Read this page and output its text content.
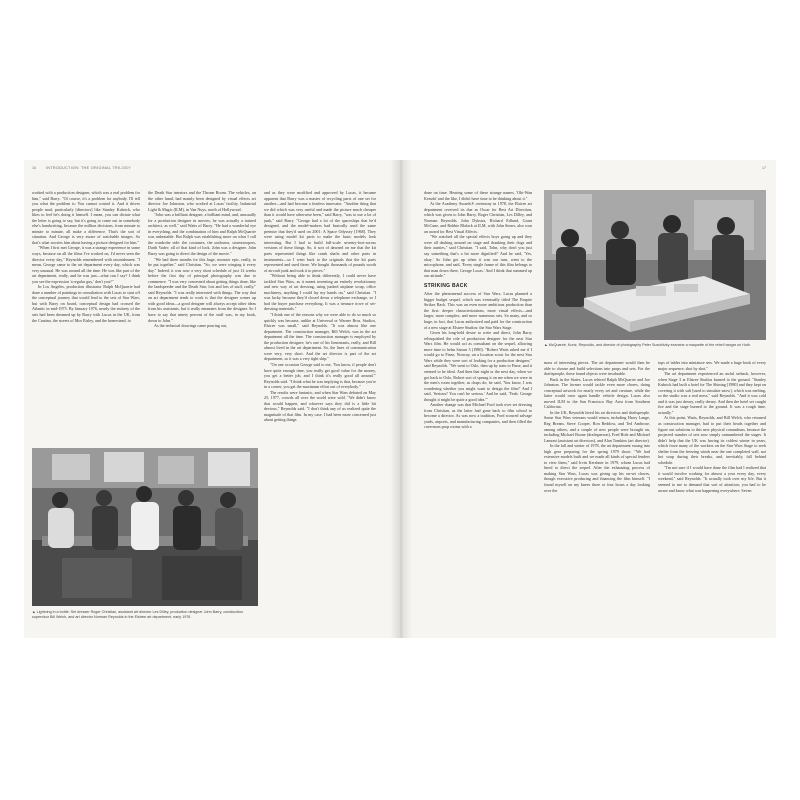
16	INTRODUCTION: THE ORIGINAL TRILOGY

worked with a production designer, which was a real problem for him," said Barry. "Of course, it's a problem for anybody. I'll tell you what the problem is: You cannot control it. And it drives people mad, particularly [directors] like Stanley Kubrick, who likes to feel he's doing it himself. I mean, you can dictate what the letter is going to say, but it's going to come out in somebody else's handwriting, because the million decisions, from minute to minute to minute, all make a difference. That's the sort of situation. And George is very aware of watchable images. So that's what worries him about having a picture designed for him."

"When I first met George, it was a strange experience in some ways, because on all the films I've worked on, I'd never seen the director every day," Reynolds remembered with astonishment. "I mean, George came to the art department every day, which was very unusual. He was around all the time. He was like part of the art department, really, and he was just—what can I say? I think you see the expression 'a regular guy,' don't you?"

In Los Angeles, production illustrator Ralph McQuarrie had done a number of paintings in consultation with Lucas to start off the conceptual journey that would lead to the sets of Star Wars; but with Barry on board, conceptual design had crossed the Atlantic in mid-1975. By January 1976, nearly the entirety of the sets had been dreamed up by Barry with Lucas in the UK, from the Cantina, the streets of Mos Eisley, and the homestead, to

the Death Star interiors and the Throne Room. The vehicles, on the other hand, had mainly been designed by visual effects art director Joe Johnston, who worked at Lucas' facility, Industrial Light & Magic (ILM), in Van Nuys, north of Hollywood.

"John was a brilliant designer, a brilliant mind, and, unusually for a production designer in movies, he was actually a trained architect, as well," said Watts of Barry. "He had a wonderful eye in everything, and the combination of him and Ralph McQuarrie was unbeatable. But Ralph was establishing more on what I call the wardrobe side: the costumes, the uniforms, stormtroopers, Darth Vader; all of that kind of look. John was a designer. John Barry was going to direct the design of the movie."

"We had three months for this huge, monster epic, really, to be put together," said Christian. "So, we were winging it every day." Indeed, it was now a very short schedule of just 12 weeks before the first day of principal photography was due to commence. "I was very concerned about getting things done, like the landspeeder and the Death Star; lots and lots of stuff, really," said Reynolds. "I was really interested with things. The way that an art department tends to work is that the designer comes up with good ideas—a good designer will always accept other ideas from his assistants, but it really emanates from the designer. So I have to say that ninety percent of the stuff was, in my book, down to John."

As the technical drawings came pouring out,

and as they were modified and approved by Lucas, it became apparent that Barry was a master of recycling parts of one set for another—and had become a fearless innovator. "Another thing that we did which was very useful and made the picture much cheaper than it would have otherwise been," said Barry, "was to use a lot of junk," said Barry. "George had a lot of the spaceships that he'd designed, and the model-makers had basically used the same premise that they'd used on 2001: A Space Odyssey [1968]. They were using model kit parts to make the basic models look interesting. But I had to build full-scale seventy-foot-across versions of these things. So, it sort of dawned on me that the kit parts represented things like crank shafts and other parts in instruments—so I went back to the originals that the kit parts represented and used those. We bought thousands of pounds worth of aircraft junk and took it to pieces."

"Without being able to think differently, I could never have tackled Star Wars, as it meant inventing an entirely revolutionary and new way of art dressing, using junked airplane scrap, office machinery, anything I could lay my hands on," said Christian. "I was lucky because they'd closed down a telephone exchange, so I had the buyer purchase everything. It was a treasure trove of set-dressing materials."

"I think one of the reasons why we were able to do so much so quickly was because, unlike at Universal or Warner Bros. Studios, Elstree was small," said Reynolds. "It was almost like one department. The construction manager, Bill Welch, was in the art department all the time. The construction manager is employed by the production designer; he's one of his lieutenants, really, and Bill almost lived in the art department. So, the lines of communication were very, very short. And the art director is part of the art department, so it was a very tight ship."

"On one occasion George said to me, 'You know, if people don't have quite enough time, you really get good value for the money, you get a better job, and I think it's really good all around,'" Reynolds said. "I think what he was implying is that, because you're in a corner, you get the maximum effort out of everybody."

The results were fantastic, and when Star Wars debuted on May 25, 1977, crowds all over the world were wild. "We didn't know that would happen, and whoever says they did is a little bit devious," Reynolds said. "I don't think any of us realized quite the magnitude of that film. In my case, I had been more concerned just about getting things

▲ Lightning in a bottle: Set dresser Roger Christian, assistant art director Les Dilley, production designer John Barry, construction supervisor Bill Welch, and art director Norman Reynolds in the Elstree art department, early 1976.
17

done on time. Hearing some of these strange names, 'Obi-Wan Kenobi' and the like, I didn't have time to be thinking about it."

At the Academy Awards® ceremony in 1978, the Elstree art department received its due as Oscar for Best Art Direction, which was given to John Barry, Roger Christian, Les Dilley, and Norman Reynolds. John Dykstra, Richard Edlund, Grant McCune, and Robbie Blalack at ILM, with John Stears, also won an award for Best Visual Effects.

"We watched all the special effects boys going up and they were all dashing around on stage and thanking their dogs and their aunties," said Christian. "I said, 'John, why don't you just say something that's a bit more dignified?' And he said, 'Yes, okay.' So John got up when it was our turn, went to the microphone, and said, 'Every single frame of this film belongs to that man down there, George Lucas.' And I think that summed up our attitude."

STRIKING BACK

After the phenomenal success of Star Wars, Lucas planned a bigger budget sequel, which was eventually titled The Empire Strikes Back. This was an even more ambitious production than the first: deeper characterizations, more visual effects—and larger, more complex, and more numerous sets. So many, and so huge, in fact, that Lucas authorized and paid for the construction of a new stage at Elstree Studios: the Star Wars Stage.

Given his long-held desire to write and direct, John Barry relinquished the role of production designer for the next Star Wars film. He would act as consultant on the sequel, allowing more time to helm Saturn 3 (1980). "Robert Watts asked me if I would go to Finse, Norway, on a location scout for the next Star Wars while they were sort of looking for a production designer," said Reynolds. "We went to Oslo, then up by train to Finse, and it seemed to be ideal. And then that night or the next day, when we got back to Oslo, Robert sort of sprung it on me when we were in the men's room together, as chaps do; he said, 'You know, I was wondering whether you might want to design the film?' And I said, 'Serious? You can't be serious.' And he said, 'Yeah. George thought it might be quite a good idea.'"

Another change was that Michael Ford took over set dressing from Christian, as the latter had gone back to film school to become a director. As was now a tradition, Ford scoured salvage yards, airports, and manufacturing companies, and then filled the cavernous prop rooms with a

▲ McQuarrie, Kurtz, Reynolds, and director of photography Peter Suschitzky examine a maquette of the rebel hangar on Hoth.

mass of interesting pieces. The art department would then be able to choose and build selections into props and sets. For the draftspeople, these found objects were invaluable.

Back in the States, Lucas rehired Ralph McQuarrie and Joe Johnston. The former would tackle even more chores, doing conceptual artwork for nearly every set and creature, while the latter would once again handle vehicle design. Lucas also moved ILM to the San Francisco Bay Area from Southern California.

In the UK, Reynolds hired his art directors and draftspeople. Some Star Wars veterans would return, including Harry Lange, Reg Bream, Steve Cooper, Ron Beddow, and Ted Ambrose, among others, and a couple of new people were brought on, including Michael Boone (draftsperson), Fred Hole and Michael Lamont (assistant art directors), and Alan Tomkins (art director).

In the fall and winter of 1978, the art department swung into high gear preparing for the spring 1979 shoot. "We had extensive models built and we made all kinds of special fenders to view them," said Irvin Kershner in 1979, whom Lucas had hired to direct the sequel. After the exhausting process of making Star Wars, Lucas was giving up his on-set chores, though executive producing and financing the film himself. "I found myself on my knees three or four hours a day looking over the

tops of tables into miniature sets. We made a huge book of every major sequence, shot by shot."

The art department experienced an awful setback, however, when Stage 3 at Elstree Studios burned to the ground. "Stanley Kubrick had built a hotel for The Shining [1980] and they kept on covering it with salt [used to simulate snow], which was melting, so the studio was a real mess," said Reynolds. "And it was cold and it was just dreary, really dreary. And then the hotel set caught fire and the stage burned to the ground. It was a rough time, actually."

At this point, Watts, Reynolds, and Bill Welch, who returned as construction manager, had to put their heads together and figure out solutions to this new physical conundrum, because the projected number of sets now simply outnumbered the stages. It didn't help that the UK was having its coldest winter in years, which froze many of the workers on the Star Wars Stage to seek shelter from the freezing winds near the one completed wall, not hot soup during their breaks, and, inevitably, fall behind schedule.

"I'm not sure if I would have done the film had I realized that it would involve working for almost a year every day, every weekend," said Reynolds. "It actually took over my life. But it seemed to me to demand that sort of attention; you had to be aware and know what was happening everywhere. Seven
